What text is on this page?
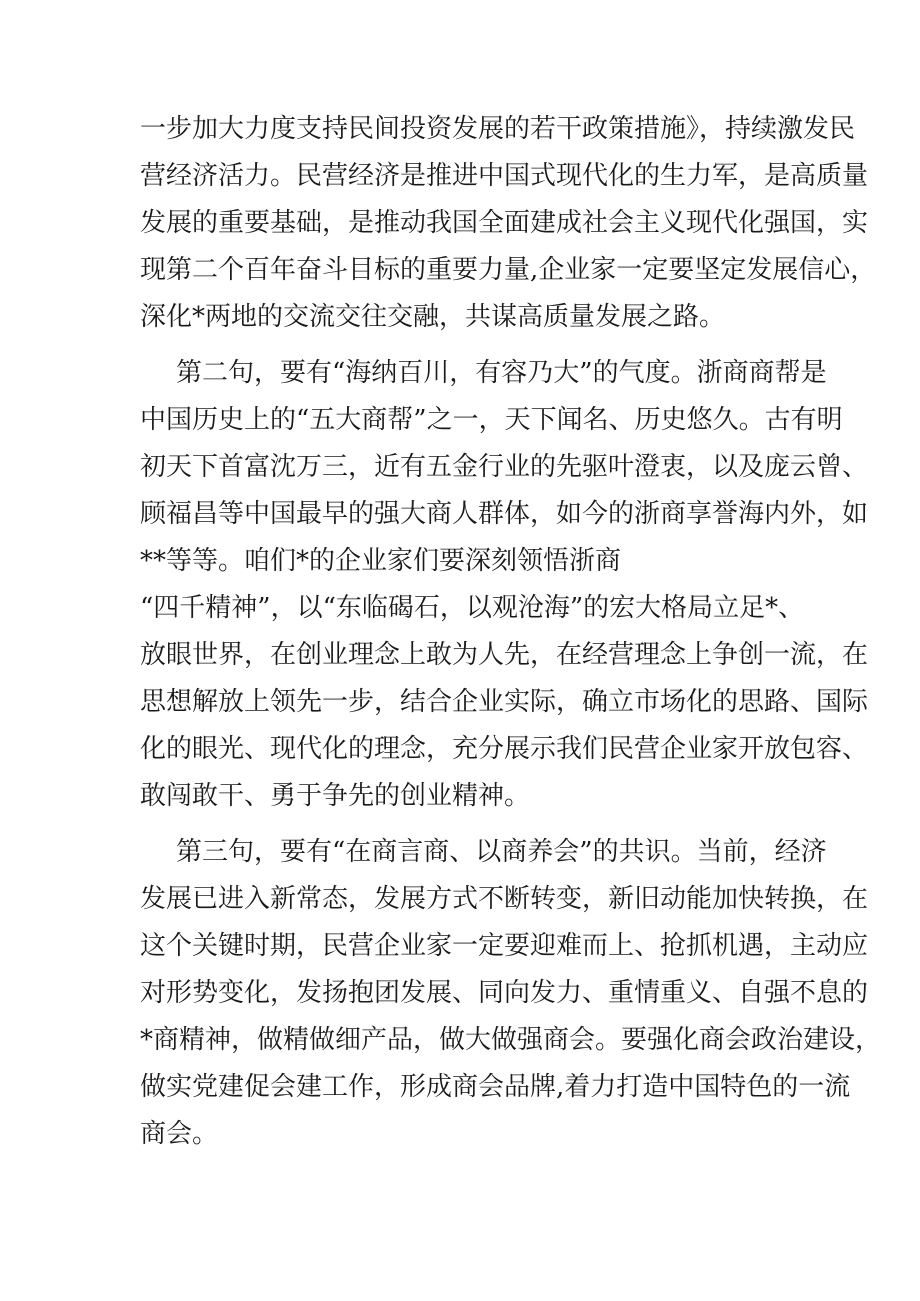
一步加大力度支持民间投资发展的若干政策措施》，持续激发民

营经济活力。民营经济是推进中国式现代化的生力军，是高质量

发展的重要基础，是推动我国全面建成社会主义现代化强国，实

现第二个百年奋斗目标的重要力量,企业家一定要坚定发展信心，

深化*两地的交流交往交融，共谋高质量发展之路。

第二句，要有“海纳百川，有容乃大”的气度。浙商商帮是

中国历史上的“五大商帮”之一，天下闻名、历史悠久。古有明

初天下首富沈万三，近有五金行业的先驱叶澄衷，以及庞云曾、

顾福昌等中国最早的强大商人群体，如今的浙商享誉海内外，如

**等等。咱们*的企业家们要深刻领悟浙商

“四千精神”，以“东临碣石，以观沧海”的宏大格局立足*、

放眼世界，在创业理念上敢为人先，在经营理念上争创一流，在

思想解放上领先一步，结合企业实际，确立市场化的思路、国际

化的眼光、现代化的理念，充分展示我们民营企业家开放包容、

敢闯敢干、勇于争先的创业精神。

第三句，要有“在商言商、以商养会”的共识。当前，经济

发展已进入新常态，发展方式不断转变，新旧动能加快转换，在

这个关键时期，民营企业家一定要迎难而上、抢抓机遇，主动应

对形势变化，发扬抱团发展、同向发力、重情重义、自强不息的

*商精神，做精做细产品，做大做强商会。要强化商会政治建设，

做实党建促会建工作，形成商会品牌,着力打造中国特色的一流

商会。
